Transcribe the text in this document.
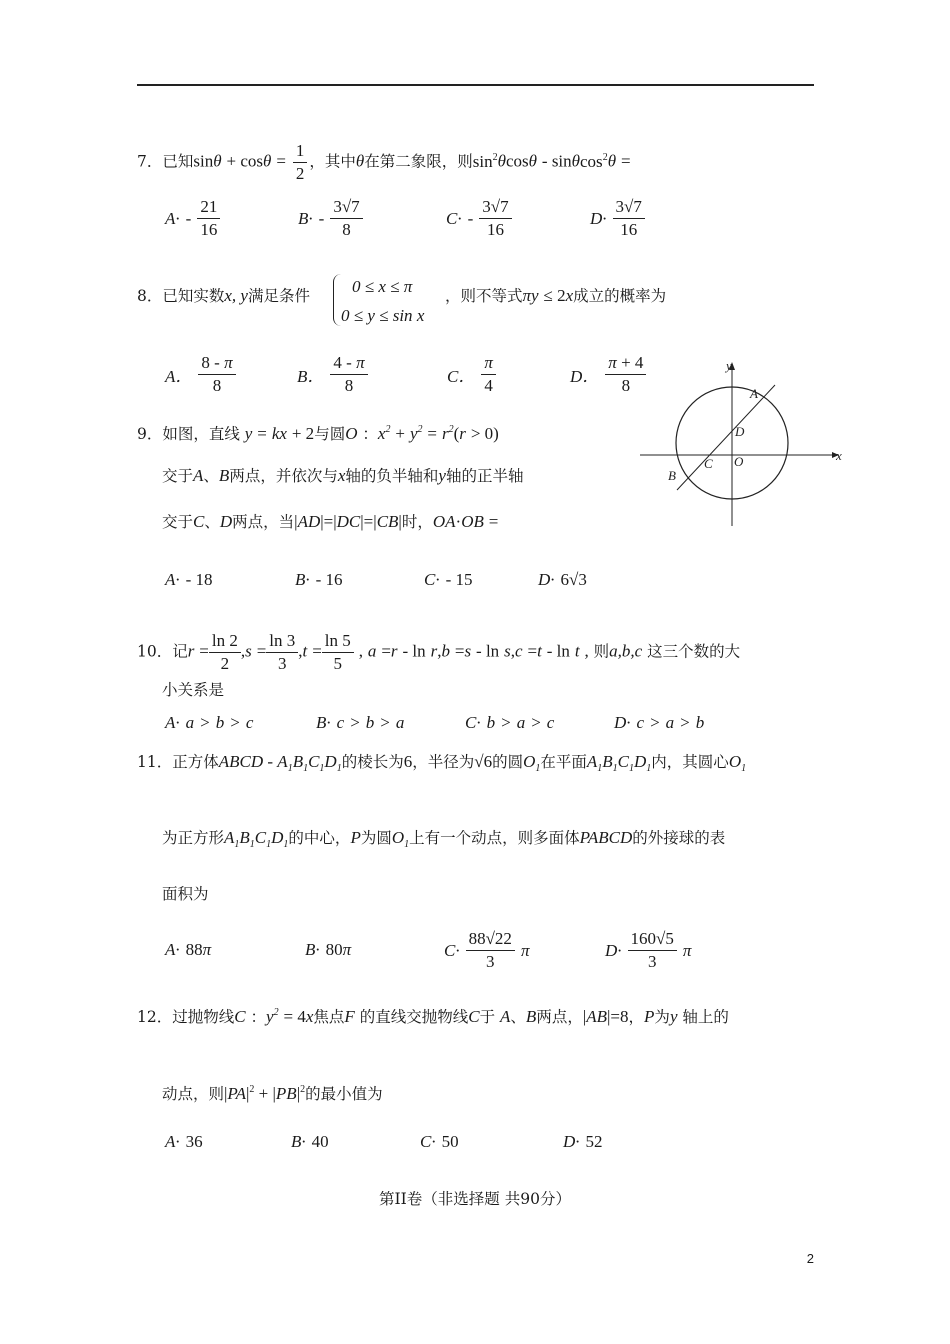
7．已知$\sin\theta + \cos\theta = \frac{1}{2}$ ，其中θ在第二象限，则$\sin^2\theta\cos\theta - \sin\theta\cos^2\theta$ =
$A\cdot - \frac{21}{16}$	$B\cdot - \frac{3√7}{8}$	$C\cdot - \frac{3√7}{16}$	$D\cdot \frac{3√7}{16}$
8．已知实数x, y满足条件 0 ≤ x ≤ π
0 ≤ y ≤ sin x
，则不等式πy ≤ 2x成立的概率为
A． $\frac{8 - \pi}{8}$	B． $\frac{4 - \pi}{8}$	C． $\frac{\pi}{4}$	D． $\frac{\pi + 4}{8}$
9．如图，直线 y = kx + 2与圆O ：$x^2 + y^2 = r^2(r > 0)$
交于A、B两点，并依次与x轴的负半轴和y轴的正半轴
交于C、D两点，当|AD|=|DC|=|CB|时，OA·OB =
A· - 18	B· - 16	C· - 15	D· 6√3
y
x
A
B
C
D
O
10．记$r = \frac{\ln 2}{2} ,s = \frac{\ln 3}{3} ,t = \frac{\ln 5}{5}$ , a =r - ln r,b =s - ln s,c =t - ln t , 则a,b,c 这三个数的大
小关系是
A· a > b > c	B· c > b > a	C· b > a > c	D· c > a > b
11．正方体ABCD - $A_1B_1C_1D_1$的棱长为6，半径为√6的圆$O_1$在平面$A_1B_1C_1D_1$内，其圆心$O_1$
为正方形$A_1B_1C_1D_1$的中心，P为圆$O_1$上有一个动点，则多面体PABCD的外接球的表
面积为
A· 88π	B· 80π	$C\cdot \frac{88√22}{3}$ π	$D\cdot \frac{160√5}{3}$ π
12．过抛物线C ：$y^2 = 4x$焦点F 的直线交抛物线C于 A、B两点，|AB|=8，P为y 轴上的
动点，则$|PA|^2 + |PB|^2$的最小值为
A· 36	B· 40	C· 50	D· 52
第II卷（非选择题 共90分）
2
